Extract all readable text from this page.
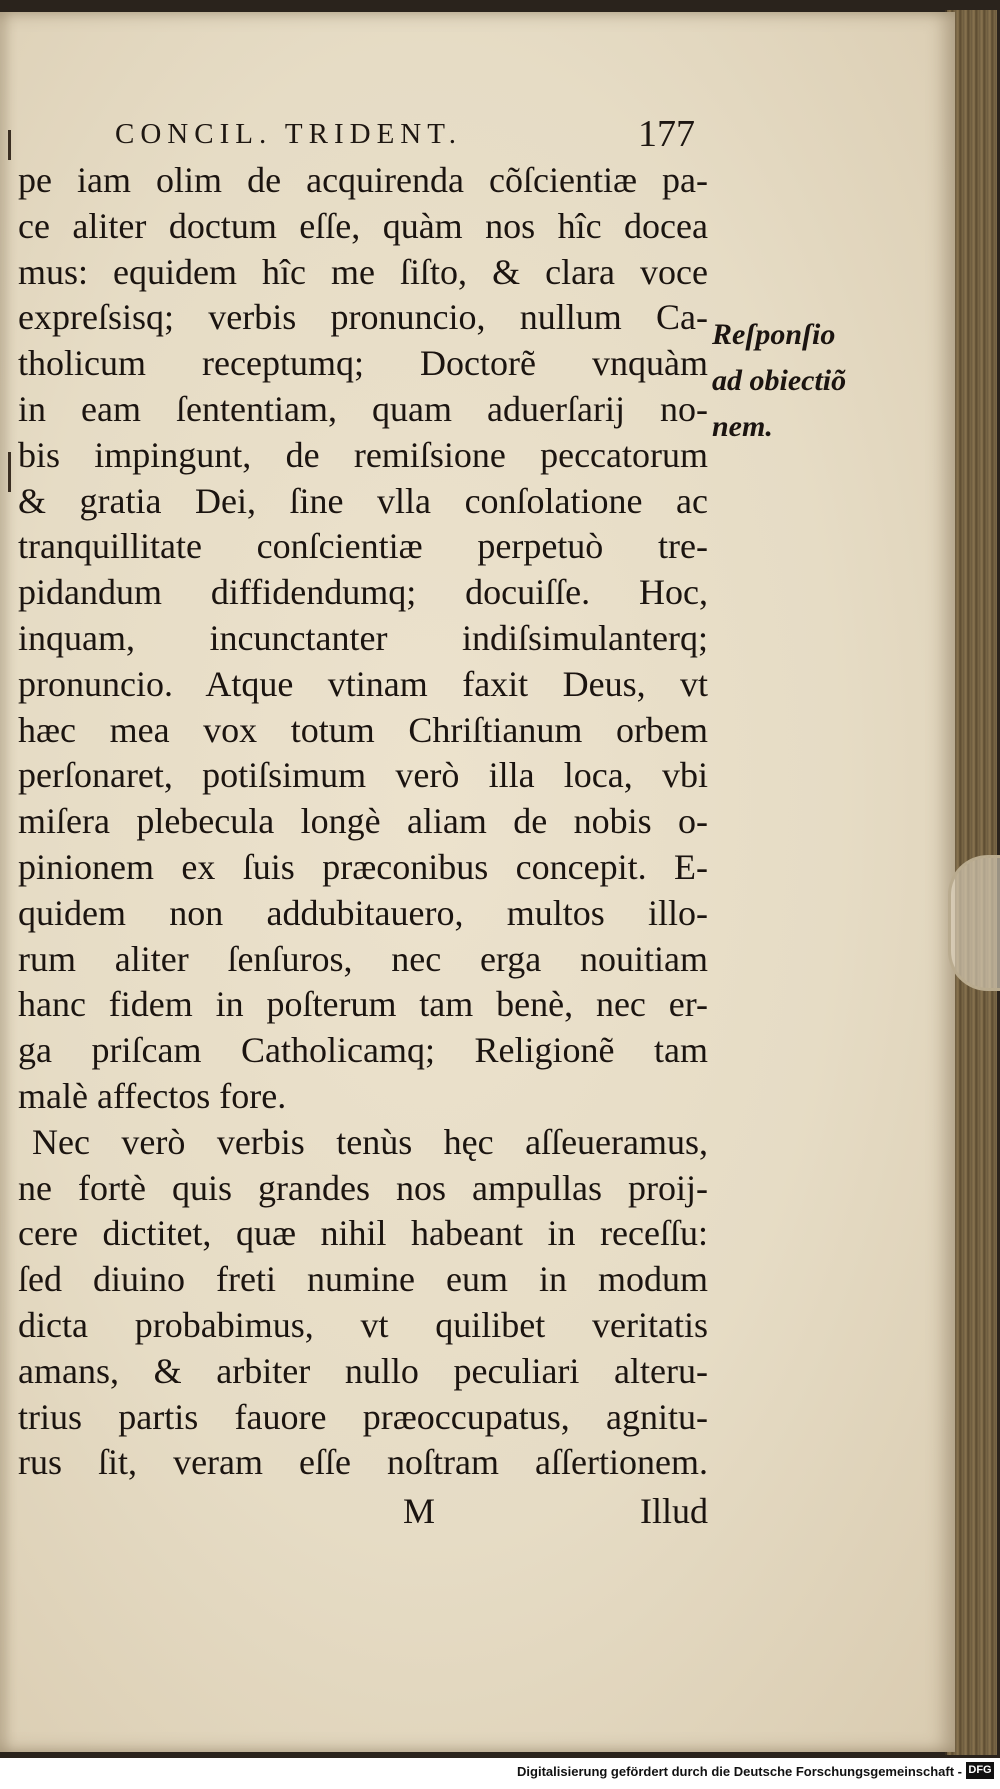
CONCIL. TRIDENT.	177
pe iam olim de acquirenda cõſcientiæ pa-
ce aliter doctum eſſe, quàm nos hîc docea
mus: equidem hîc me ſiſto, & clara voce
expreſsisq; verbis pronuncio, nullum Ca-
tholicum receptumq; Doctorẽ vnquàm
in eam ſententiam, quam aduerſarij no-
bis impingunt, de remiſsione peccatorum
& gratia Dei, ſine vlla conſolatione ac
tranquillitate conſcientiæ perpetuò tre-
pidandum diffidendumq; docuiſſe. Hoc,
inquam, incunctanter indiſsimulanterq;
pronuncio. Atque vtinam faxit Deus, vt
hæc mea vox totum Chriſtianum orbem
perſonaret, potiſsimum verò illa loca, vbi
miſera plebecula longè aliam de nobis o-
pinionem ex ſuis præconibus concepit. E-
quidem non addubitauero, multos illo-
rum aliter ſenſuros, nec erga nouitiam
hanc fidem in poſterum tam benè, nec er-
ga priſcam Catholicamq; Religionẽ tam
malè affectos fore.
Nec verò verbis tenùs hęc aſſeueramus,
ne fortè quis grandes nos ampullas proij-
cere dictitet, quæ nihil habeant in receſſu:
ſed diuino freti numine eum in modum
dicta probabimus, vt quilibet veritatis
amans, & arbiter nullo peculiari alteru-
trius partis fauore præoccupatus, agnitu-
rus ſit, veram eſſe noſtram aſſertionem.
Reſponſio
ad obiectiõ
nem.
M	Illud
Digitalisierung gefördert durch die Deutsche Forschungsgemeinschaft - DFG
